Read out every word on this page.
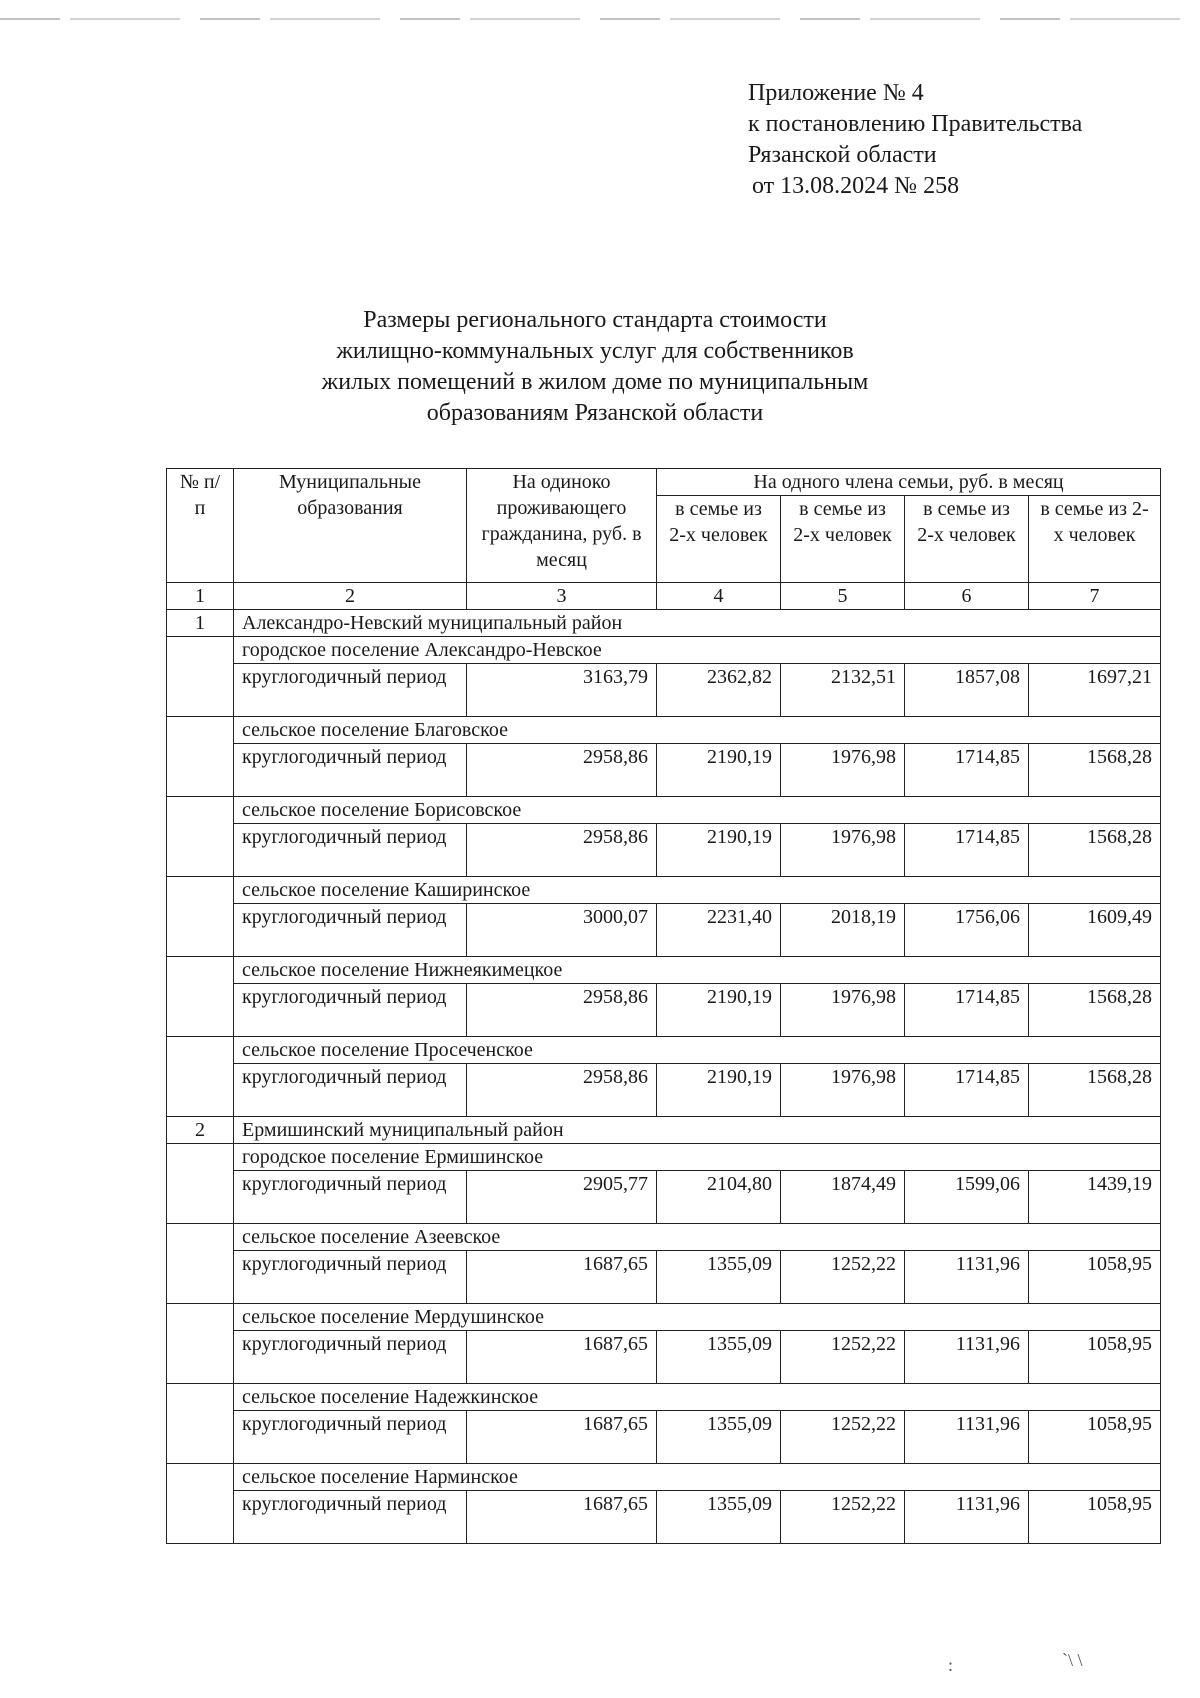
Приложение № 4
к постановлению Правительства
Рязанской области
от 13.08.2024 № 258
Размеры регионального стандарта стоимости
жилищно-коммунальных услуг для собственников
жилых помещений в жилом доме по муниципальным
образованиям Рязанской области
№ п/п	Муниципальные образования	На одиноко проживающего гражданина, руб. в месяц	На одного члена семьи, руб. в месяц			
			в семье из 2-х человек	в семье из 2-х человек	в семье из 2-х человек	в семье из 2-х человек
1	2	3	4	5	6	7
1	Александро-Невский муниципальный район					
	городское поселение Александро-Невское					
	круглогодичный период	3163,79	2362,82	2132,51	1857,08	1697,21
	сельское поселение Благовское					
	круглогодичный период	2958,86	2190,19	1976,98	1714,85	1568,28
	сельское поселение Борисовское					
	круглогодичный период	2958,86	2190,19	1976,98	1714,85	1568,28
	сельское поселение Каширинское					
	круглогодичный период	3000,07	2231,40	2018,19	1756,06	1609,49
	сельское поселение Нижнеякимецкое					
	круглогодичный период	2958,86	2190,19	1976,98	1714,85	1568,28
	сельское поселение Просеченское					
	круглогодичный период	2958,86	2190,19	1976,98	1714,85	1568,28
2	Ермишинский муниципальный район					
	городское поселение Ермишинское					
	круглогодичный период	2905,77	2104,80	1874,49	1599,06	1439,19
	сельское поселение Азеевское					
	круглогодичный период	1687,65	1355,09	1252,22	1131,96	1058,95
	сельское поселение Мердушинское					
	круглогодичный период	1687,65	1355,09	1252,22	1131,96	1058,95
	сельское поселение Надежкинское					
	круглогодичный период	1687,65	1355,09	1252,22	1131,96	1058,95
	сельское поселение Нарминское					
	круглогодичный период	1687,65	1355,09	1252,22	1131,96	1058,95
:	`\ \
